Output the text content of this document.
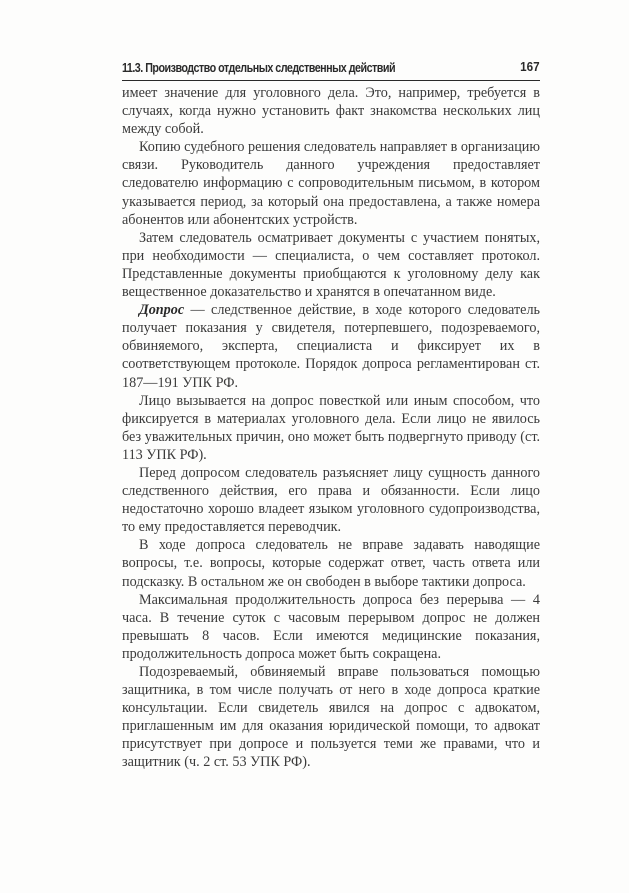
11.3. Производство отдельных следственных действий	167

имеет значение для уголовного дела. Это, например, требуется в случаях, когда нужно установить факт знакомства нескольких лиц между собой.

Копию судебного решения следователь направляет в организацию связи. Руководитель данного учреждения предоставляет следователю информацию с сопроводительным письмом, в котором указывается период, за который она предоставлена, а также номера абонентов или абонентских устройств.

Затем следователь осматривает документы с участием понятых, при необходимости — специалиста, о чем составляет протокол. Представленные документы приобщаются к уголовному делу как вещественное доказательство и хранятся в опечатанном виде.

Допрос — следственное действие, в ходе которого следователь получает показания у свидетеля, потерпевшего, подозреваемого, обвиняемого, эксперта, специалиста и фиксирует их в соответствующем протоколе. Порядок допроса регламентирован ст. 187—191 УПК РФ.

Лицо вызывается на допрос повесткой или иным способом, что фиксируется в материалах уголовного дела. Если лицо не явилось без уважительных причин, оно может быть подвергнуто приводу (ст. 113 УПК РФ).

Перед допросом следователь разъясняет лицу сущность данного следственного действия, его права и обязанности. Если лицо недостаточно хорошо владеет языком уголовного судопроизводства, то ему предоставляется переводчик.

В ходе допроса следователь не вправе задавать наводящие вопросы, т.е. вопросы, которые содержат ответ, часть ответа или подсказку. В остальном же он свободен в выборе тактики допроса.

Максимальная продолжительность допроса без перерыва — 4 часа. В течение суток с часовым перерывом допрос не должен превышать 8 часов. Если имеются медицинские показания, продолжительность допроса может быть сокращена.

Подозреваемый, обвиняемый вправе пользоваться помощью защитника, в том числе получать от него в ходе допроса краткие консультации. Если свидетель явился на допрос с адвокатом, приглашенным им для оказания юридической помощи, то адвокат присутствует при допросе и пользуется теми же правами, что и защитник (ч. 2 ст. 53 УПК РФ).
